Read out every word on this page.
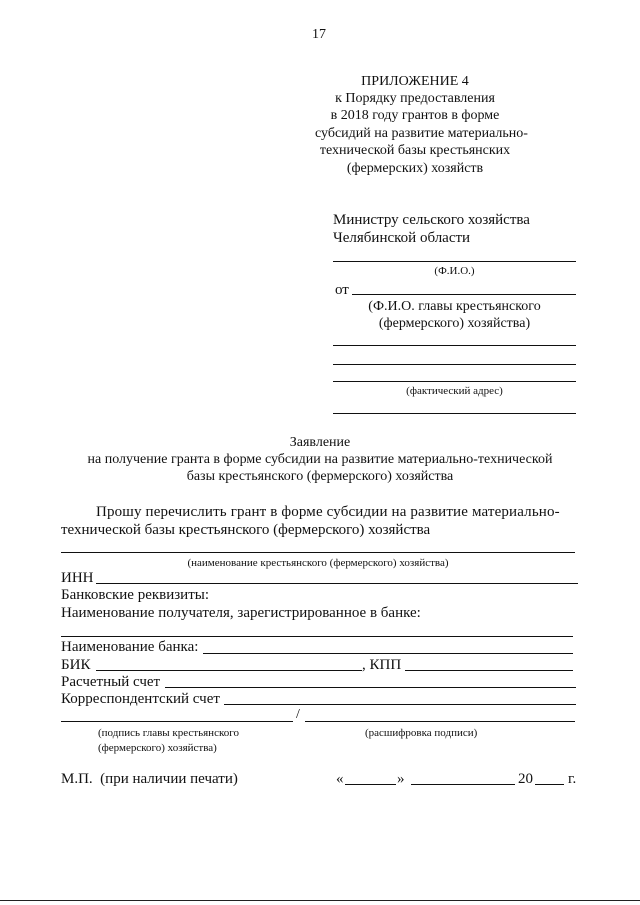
17
ПРИЛОЖЕНИЕ 4
к Порядку предоставления
в 2018 году грантов в форме
субсидий на развитие материально-
технической базы крестьянских
(фермерских) хозяйств
Министру сельского хозяйства
Челябинской области
(Ф.И.О.)
от
(Ф.И.О. главы крестьянского
(фермерского) хозяйства)
(фактический адрес)
Заявление
на получение гранта в форме субсидии на развитие материально-технической
базы крестьянского (фермерского) хозяйства
Прошу перечислить грант в форме субсидии на развитие материально-
технической базы крестьянского (фермерского) хозяйства
(наименование крестьянского (фермерского) хозяйства)
ИНН
Банковские реквизиты:
Наименование получателя, зарегистрированное в банке:
Наименование банка:
БИК	, КПП
Расчетный счет
Корреспондентский счет
/
(подпись главы крестьянского
(фермерского) хозяйства)
(расшифровка подписи)
М.П.  (при наличии печати)	«	»	20 г.
